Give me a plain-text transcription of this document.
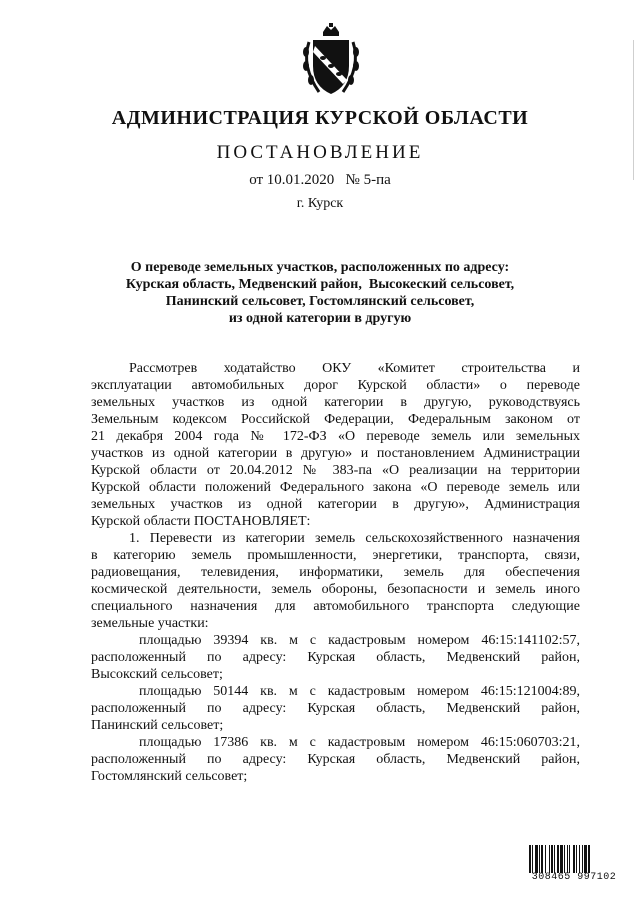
АДМИНИСТРАЦИЯ КУРСКОЙ ОБЛАСТИ
ПОСТАНОВЛЕНИЕ
от 10.01.2020   № 5-па
г. Курск
О переводе земельных участков, расположенных по адресу:
Курская область, Медвенский район,  Высокеский сельсовет,
Панинский сельсовет, Гостомлянский сельсовет,
из одной категории в другую
Рассмотрев ходатайство ОКУ «Комитет строительства и
эксплуатации автомобильных дорог Курской области» о переводе
земельных участков из одной категории в другую, руководствуясь
Земельным кодексом Российской Федерации, Федеральным законом от
21 декабря 2004 года № 172-ФЗ «О переводе земель или земельных
участков из одной категории в другую» и постановлением Администрации
Курской области от 20.04.2012 № 383-па «О реализации на территории
Курской области положений Федерального закона «О переводе земель или
земельных участков из одной категории в другую», Администрация
Курской области ПОСТАНОВЛЯЕТ:
1. Перевести из категории земель сельскохозяйственного назначения
в категорию земель промышленности, энергетики, транспорта, связи,
радиовещания, телевидения, информатики, земель для обеспечения
космической деятельности, земель обороны, безопасности и земель иного
специального назначения для автомобильного транспорта следующие
земельные участки:
площадью 39394 кв. м с кадастровым номером 46:15:141102:57,
расположенный по адресу: Курская область, Медвенский район,
Высокский сельсовет;
площадью 50144 кв. м с кадастровым номером 46:15:121004:89,
расположенный по адресу: Курская область, Медвенский район,
Панинский сельсовет;
площадью 17386 кв. м с кадастровым номером 46:15:060703:21,
расположенный по адресу: Курская область, Медвенский район,
Гостомлянский сельсовет;
308465 997102
